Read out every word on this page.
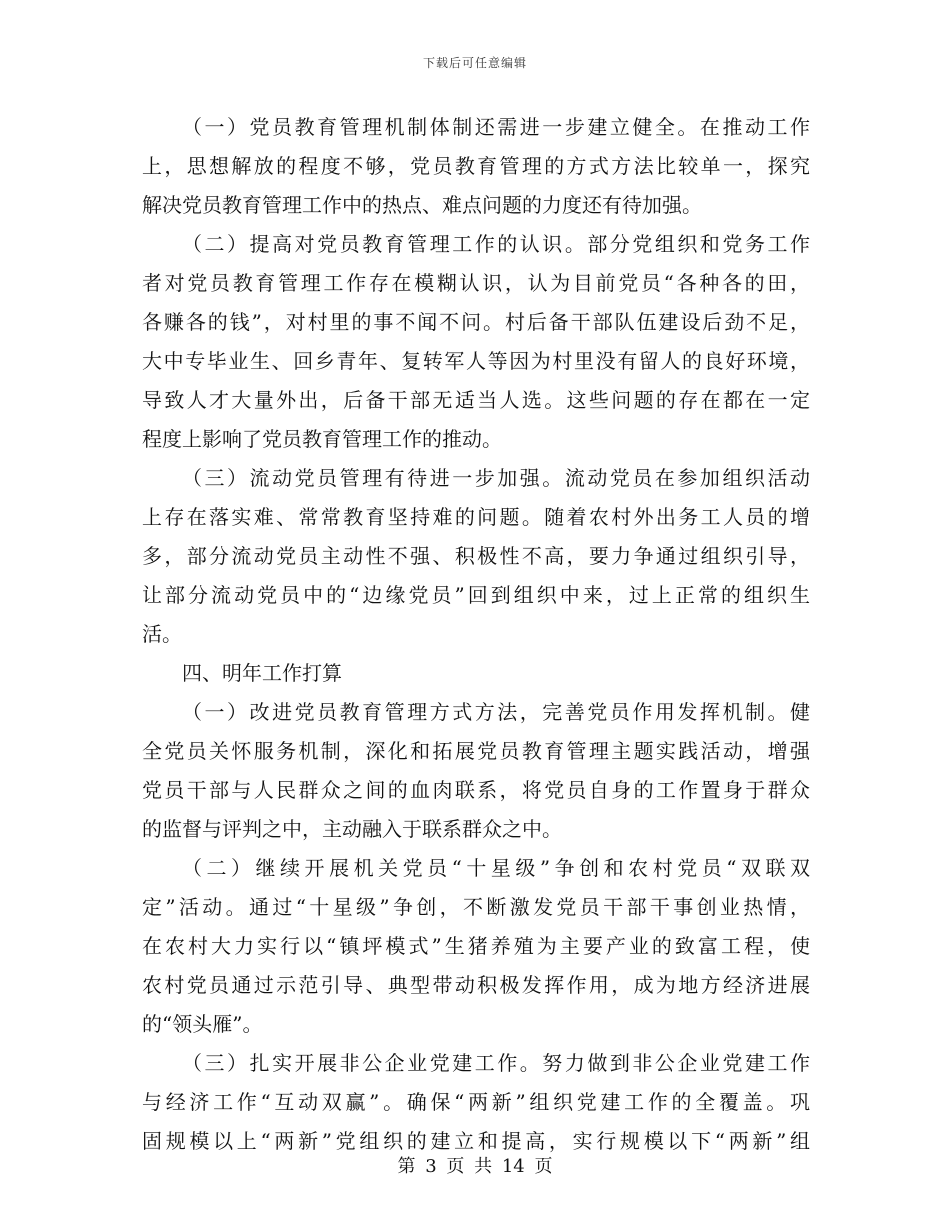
下载后可任意编辑
（一）党员教育管理机制体制还需进一步建立健全。在推动工作
上，思想解放的程度不够，党员教育管理的方式方法比较单一，探究
解决党员教育管理工作中的热点、难点问题的力度还有待加强。
（二）提高对党员教育管理工作的认识。部分党组织和党务工作
者对党员教育管理工作存在模糊认识，认为目前党员“各种各的田，
各赚各的钱”，对村里的事不闻不问。村后备干部队伍建设后劲不足，
大中专毕业生、回乡青年、复转军人等因为村里没有留人的良好环境，
导致人才大量外出，后备干部无适当人选。这些问题的存在都在一定
程度上影响了党员教育管理工作的推动。
（三）流动党员管理有待进一步加强。流动党员在参加组织活动
上存在落实难、常常教育坚持难的问题。随着农村外出务工人员的增
多，部分流动党员主动性不强、积极性不高，要力争通过组织引导，
让部分流动党员中的“边缘党员”回到组织中来，过上正常的组织生
活。
四、明年工作打算
（一）改进党员教育管理方式方法，完善党员作用发挥机制。健
全党员关怀服务机制，深化和拓展党员教育管理主题实践活动，增强
党员干部与人民群众之间的血肉联系，将党员自身的工作置身于群众
的监督与评判之中，主动融入于联系群众之中。
（二）继续开展机关党员“十星级”争创和农村党员“双联双
定”活动。通过“十星级”争创，不断激发党员干部干事创业热情，
在农村大力实行以“镇坪模式”生猪养殖为主要产业的致富工程，使
农村党员通过示范引导、典型带动积极发挥作用，成为地方经济进展
的“领头雁”。
（三）扎实开展非公企业党建工作。努力做到非公企业党建工作
与经济工作“互动双赢”。确保“两新”组织党建工作的全覆盖。巩
固规模以上“两新”党组织的建立和提高，实行规模以下“两新”组
第 3 页 共 14 页
